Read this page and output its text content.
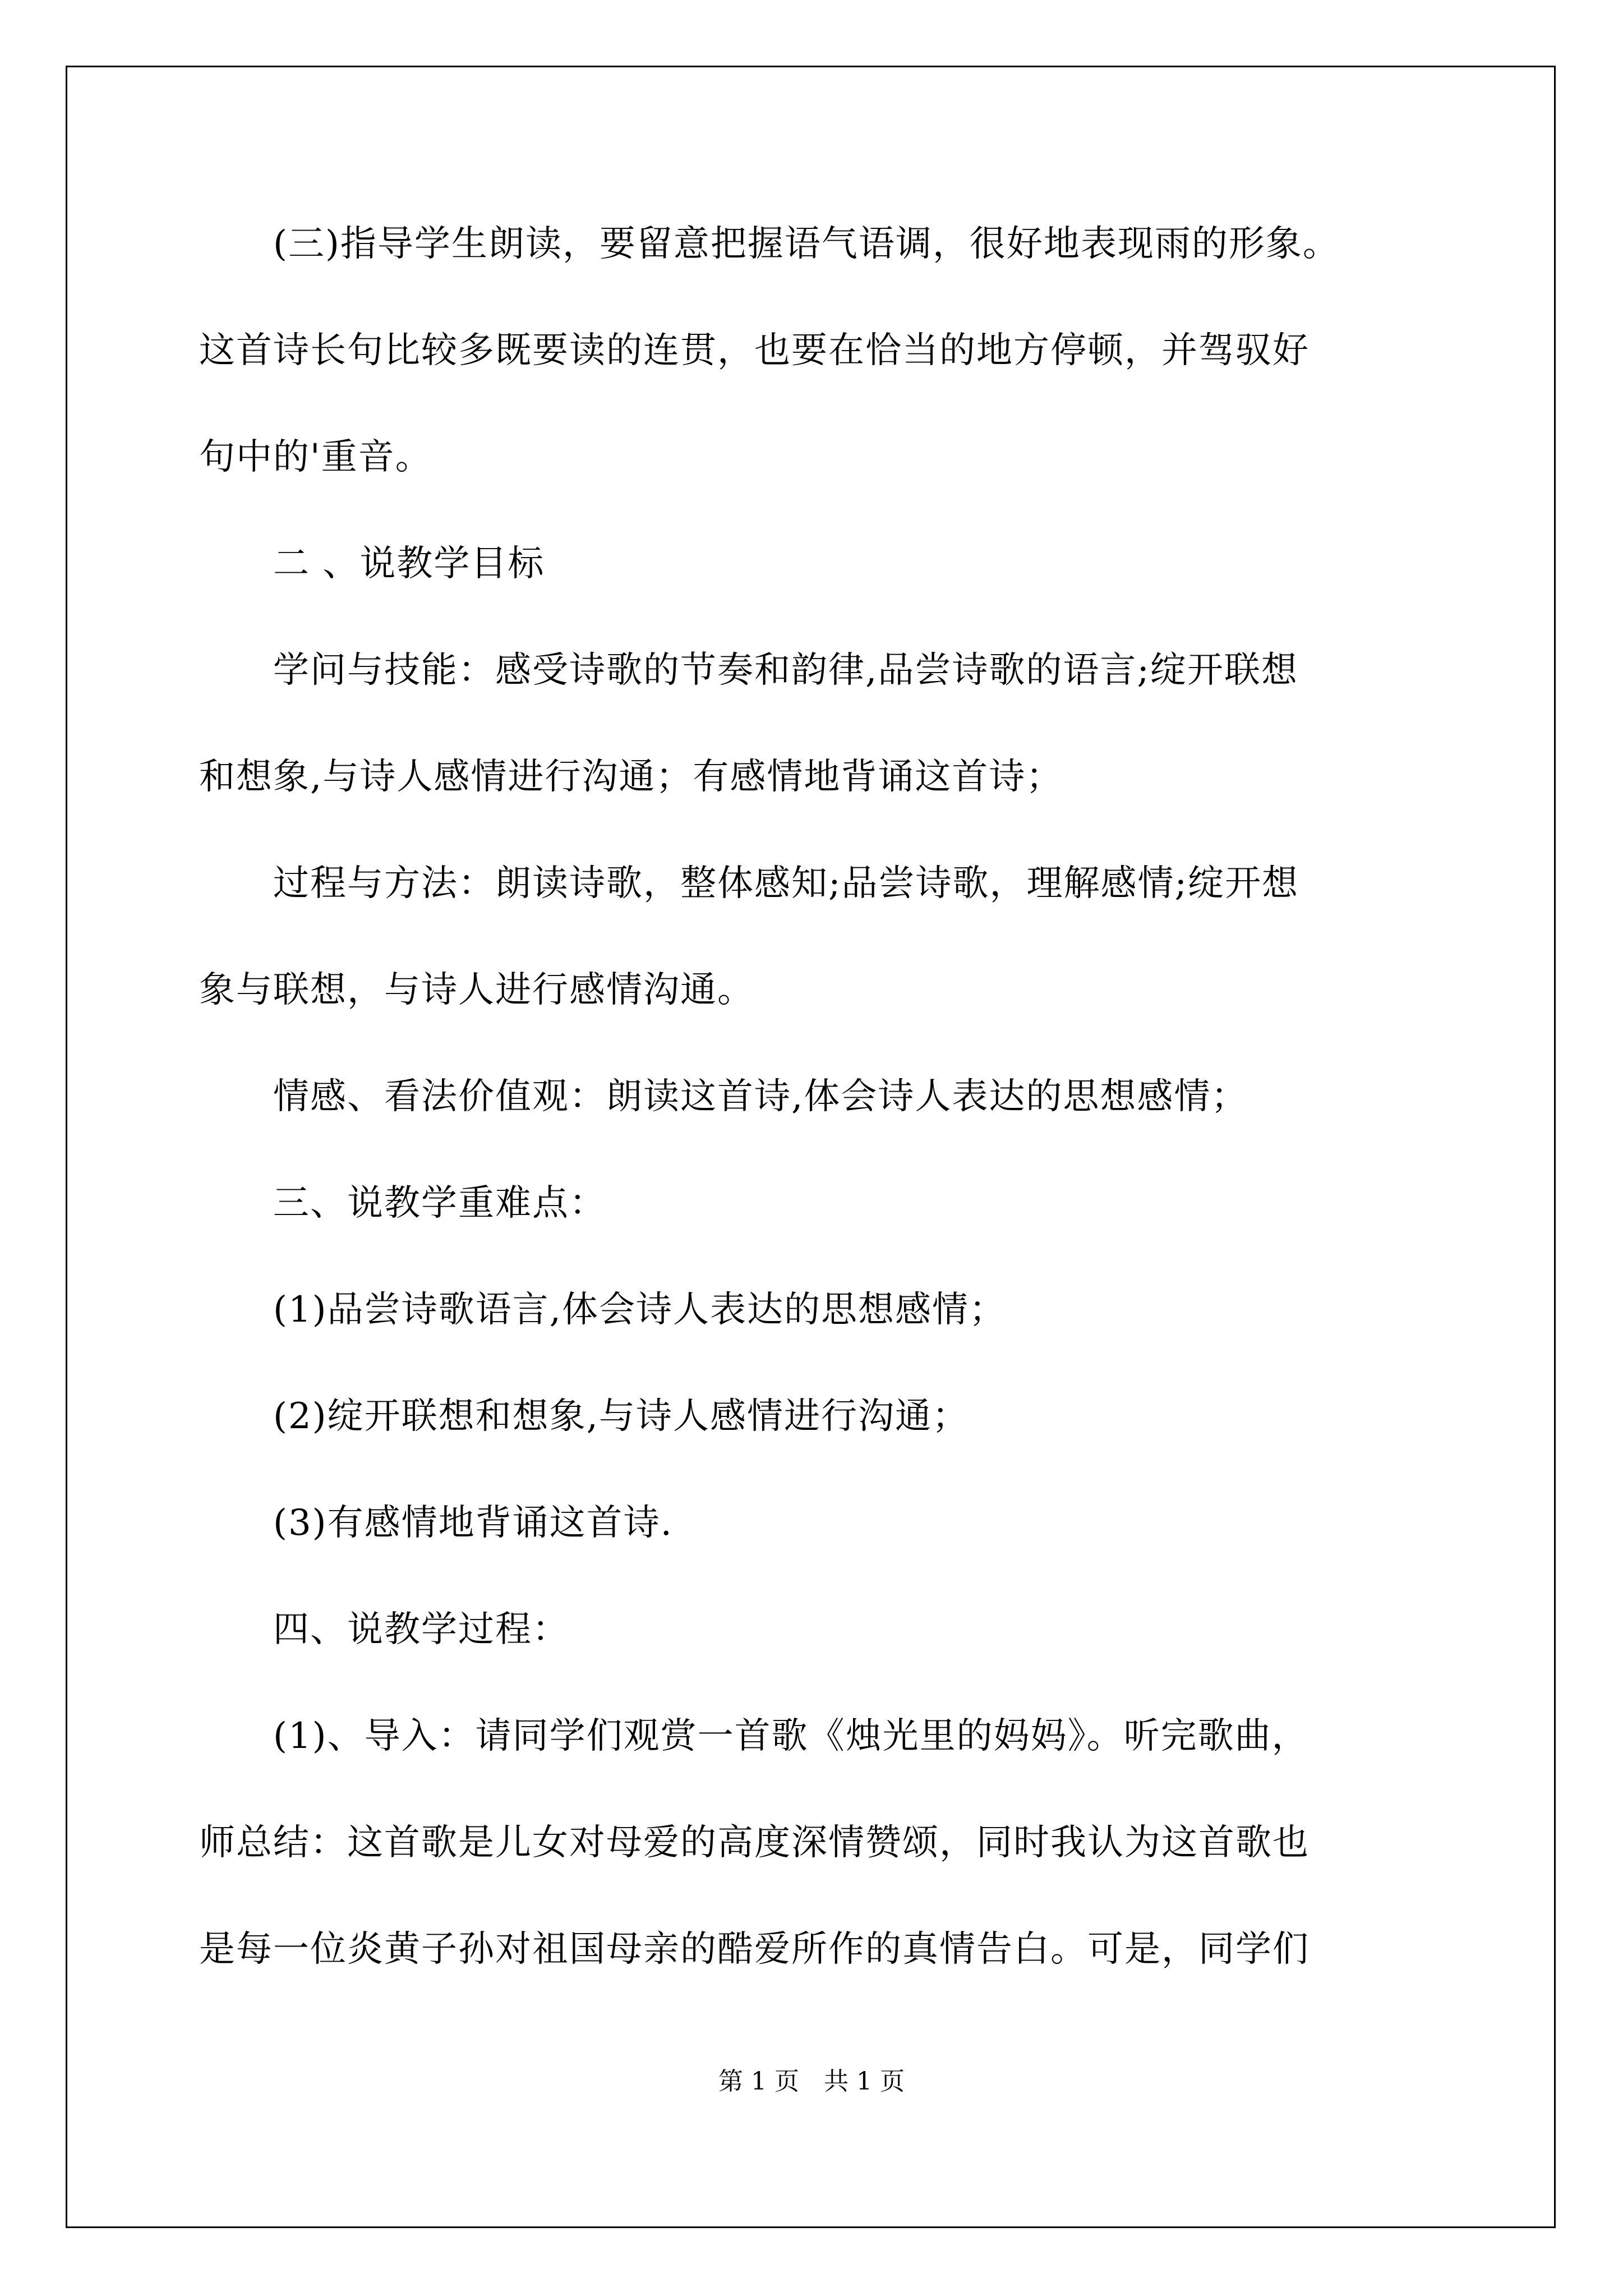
　　(三)指导学生朗读，要留意把握语气语调，很好地表现雨的形象。
这首诗长句比较多既要读的连贯，也要在恰当的地方停顿，并驾驭好
句中的'重音。
　　二 、说教学目标
　　学问与技能：感受诗歌的节奏和韵律,品尝诗歌的语言;绽开联想
和想象,与诗人感情进行沟通；有感情地背诵这首诗；
　　过程与方法：朗读诗歌，整体感知;品尝诗歌，理解感情;绽开想
象与联想，与诗人进行感情沟通。
　　情感、看法价值观：朗读这首诗,体会诗人表达的思想感情；
　　三、说教学重难点：
　　(1)品尝诗歌语言,体会诗人表达的思想感情；
　　(2)绽开联想和想象,与诗人感情进行沟通；
　　(3)有感情地背诵这首诗.
　　四、说教学过程：
　　(1)、导入：请同学们观赏一首歌《烛光里的妈妈》。听完歌曲，
师总结：这首歌是儿女对母爱的高度深情赞颂，同时我认为这首歌也
是每一位炎黄子孙对祖国母亲的酷爱所作的真情告白。可是，同学们
第 1 页　共 1 页
